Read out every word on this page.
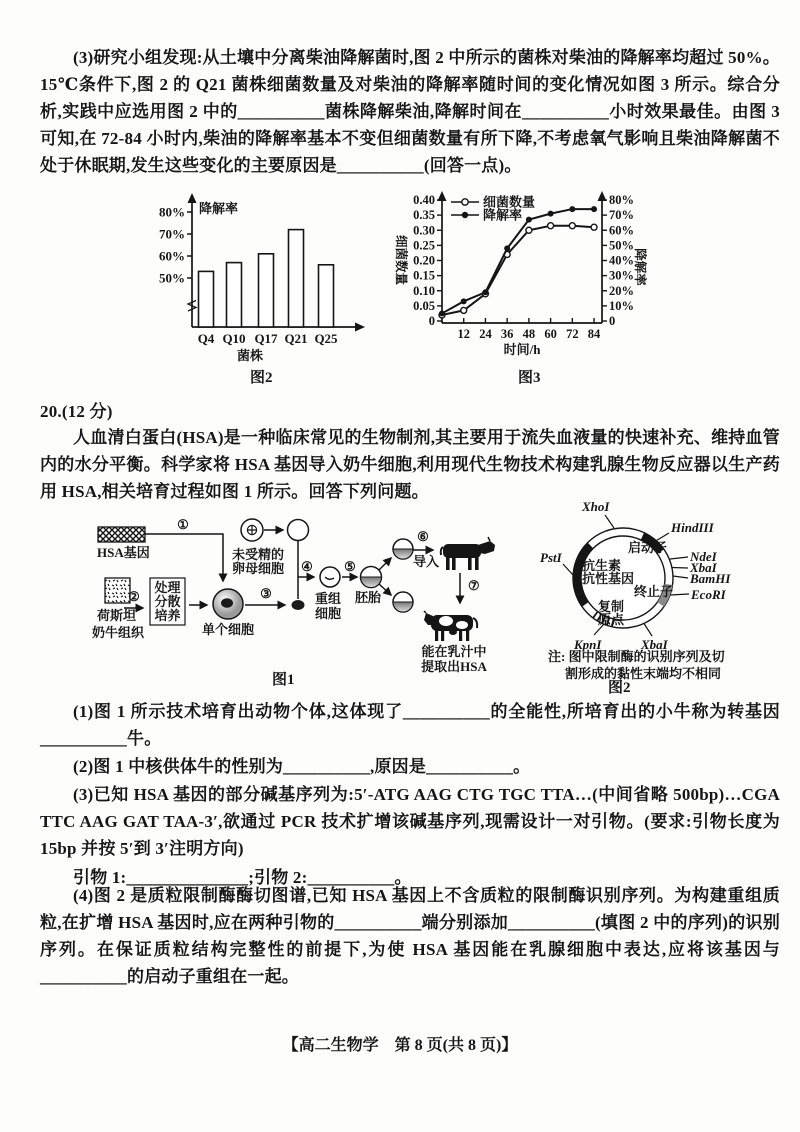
(3)研究小组发现:从土壤中分离柴油降解菌时,图 2 中所示的菌株对柴油的降解率均超过 50%。15℃条件下,图 2 的 Q21 菌株细菌数量及对柴油的降解率随时间的变化情况如图 3 所示。综合分析,实践中应选用图 2 中的__________菌株降解柴油,降解时间在__________小时效果最佳。由图 3 可知,在 72-84 小时内,柴油的降解率基本不变但细菌数量有所下降,不考虑氧气影响且柴油降解菌不处于休眠期,发生这些变化的主要原因是__________(回答一点)。

50%
60%
70%
80% 降解率
Q4 Q10 Q17 Q21 Q25
菌株
图2
0
0.05
0.10
0.15
0.20
0.25
0.30
0.35
0.40
0
10%
20%
30%
40%
50%
60%
70%
80%
12 24 36 48 60 72 84
时间/h
细菌数量	降解率
细菌数量
降解率
图3

20.(12 分)

人血清白蛋白(HSA)是一种临床常见的生物制剂,其主要用于流失血液量的快速补充、维持血管内的水分平衡。科学家将 HSA 基因导入奶牛细胞,利用现代生物技术构建乳腺生物反应器以生产药用 HSA,相关培育过程如图 1 所示。回答下列问题。

HSA基因
①
未受精的
卵母细胞
荷斯坦
奶牛组织
②
处理
分散
培养
单个细胞
③
④
重组
细胞
⑤
胚胎
⑥
导入
⑦
能在乳汁中
提取出HSA
图1
XhoI
HindIII
NdeI
XbaI
BamHI
EcoRI
XbaI
KpnI
PstI
启动子
抗生素
抗性基因
终止子
复制
原点
注: 图中限制酶的识别序列及切
割形成的黏性末端均不相同
图2

(1)图 1 所示技术培育出动物个体,这体现了__________的全能性,所培育出的小牛称为转基因__________牛。

(2)图 1 中核供体牛的性别为__________,原因是__________。

(3)已知 HSA 基因的部分碱基序列为:5′-ATG AAG CTG TGC TTA…(中间省略 500bp)…CGA TTC AAG GAT TAA-3′,欲通过 PCR 技术扩增该碱基序列,现需设计一对引物。(要求:引物长度为 15bp 并按 5′到 3′注明方向)

引物 1:______________;引物 2:__________。

(4)图 2 是质粒限制酶酶切图谱,已知 HSA 基因上不含质粒的限制酶识别序列。为构建重组质粒,在扩增 HSA 基因时,应在两种引物的__________端分别添加__________(填图 2 中的序列)的识别序列。在保证质粒结构完整性的前提下,为使 HSA 基因能在乳腺细胞中表达,应将该基因与__________的启动子重组在一起。

【高二生物学　第 8 页(共 8 页)】
